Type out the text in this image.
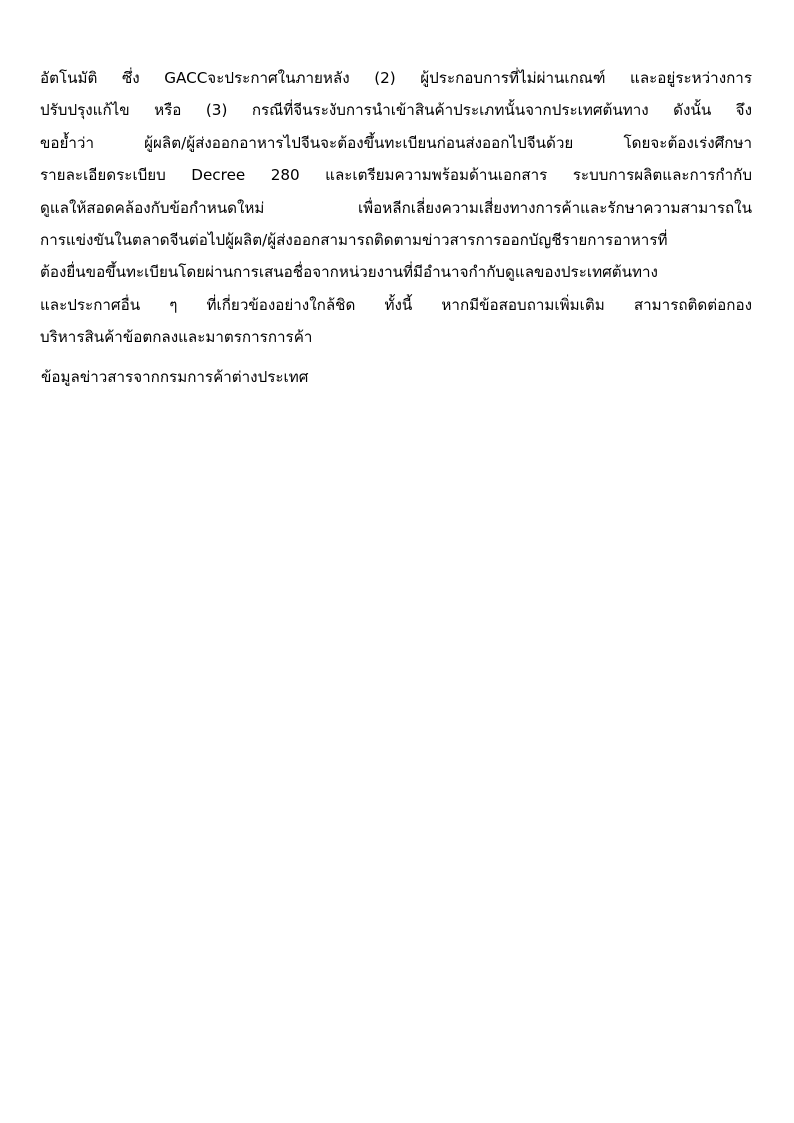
อัตโนมัติ ซึ่ง GACCจะประกาศในภายหลัง (2) ผู้ประกอบการที่ไม่ผ่านเกณฑ์ และอยู่ระหว่างการ
ปรับปรุงแก้ไข หรือ (3) กรณีที่จีนระงับการนำเข้าสินค้าประเภทนั้นจากประเทศต้นทาง ดังนั้น จึง
ขอย้ำว่า ผู้ผลิต/ผู้ส่งออกอาหารไปจีนจะต้องขึ้นทะเบียนก่อนส่งออกไปจีนด้วย โดยจะต้องเร่งศึกษา
รายละเอียดระเบียบ Decree 280 และเตรียมความพร้อมด้านเอกสาร ระบบการผลิตและการกำกับ
ดูแลให้สอดคล้องกับข้อกำหนดใหม่ เพื่อหลีกเลี่ยงความเสี่ยงทางการค้าและรักษาความสามารถใน
การแข่งขันในตลาดจีนต่อไปผู้ผลิต/ผู้ส่งออกสามารถติดตามข่าวสารการออกบัญชีรายการอาหารที่
ต้องยื่นขอขึ้นทะเบียนโดยผ่านการเสนอชื่อจากหน่วยงานที่มีอำนาจกำกับดูแลของประเทศต้นทาง
และประกาศอื่น ๆ ที่เกี่ยวข้องอย่างใกล้ชิด ทั้งนี้ หากมีข้อสอบถามเพิ่มเติม สามารถติดต่อกอง
บริหารสินค้าข้อตกลงและมาตรการการค้า
ข้อมูลข่าวสารจากกรมการค้าต่างประเทศ
